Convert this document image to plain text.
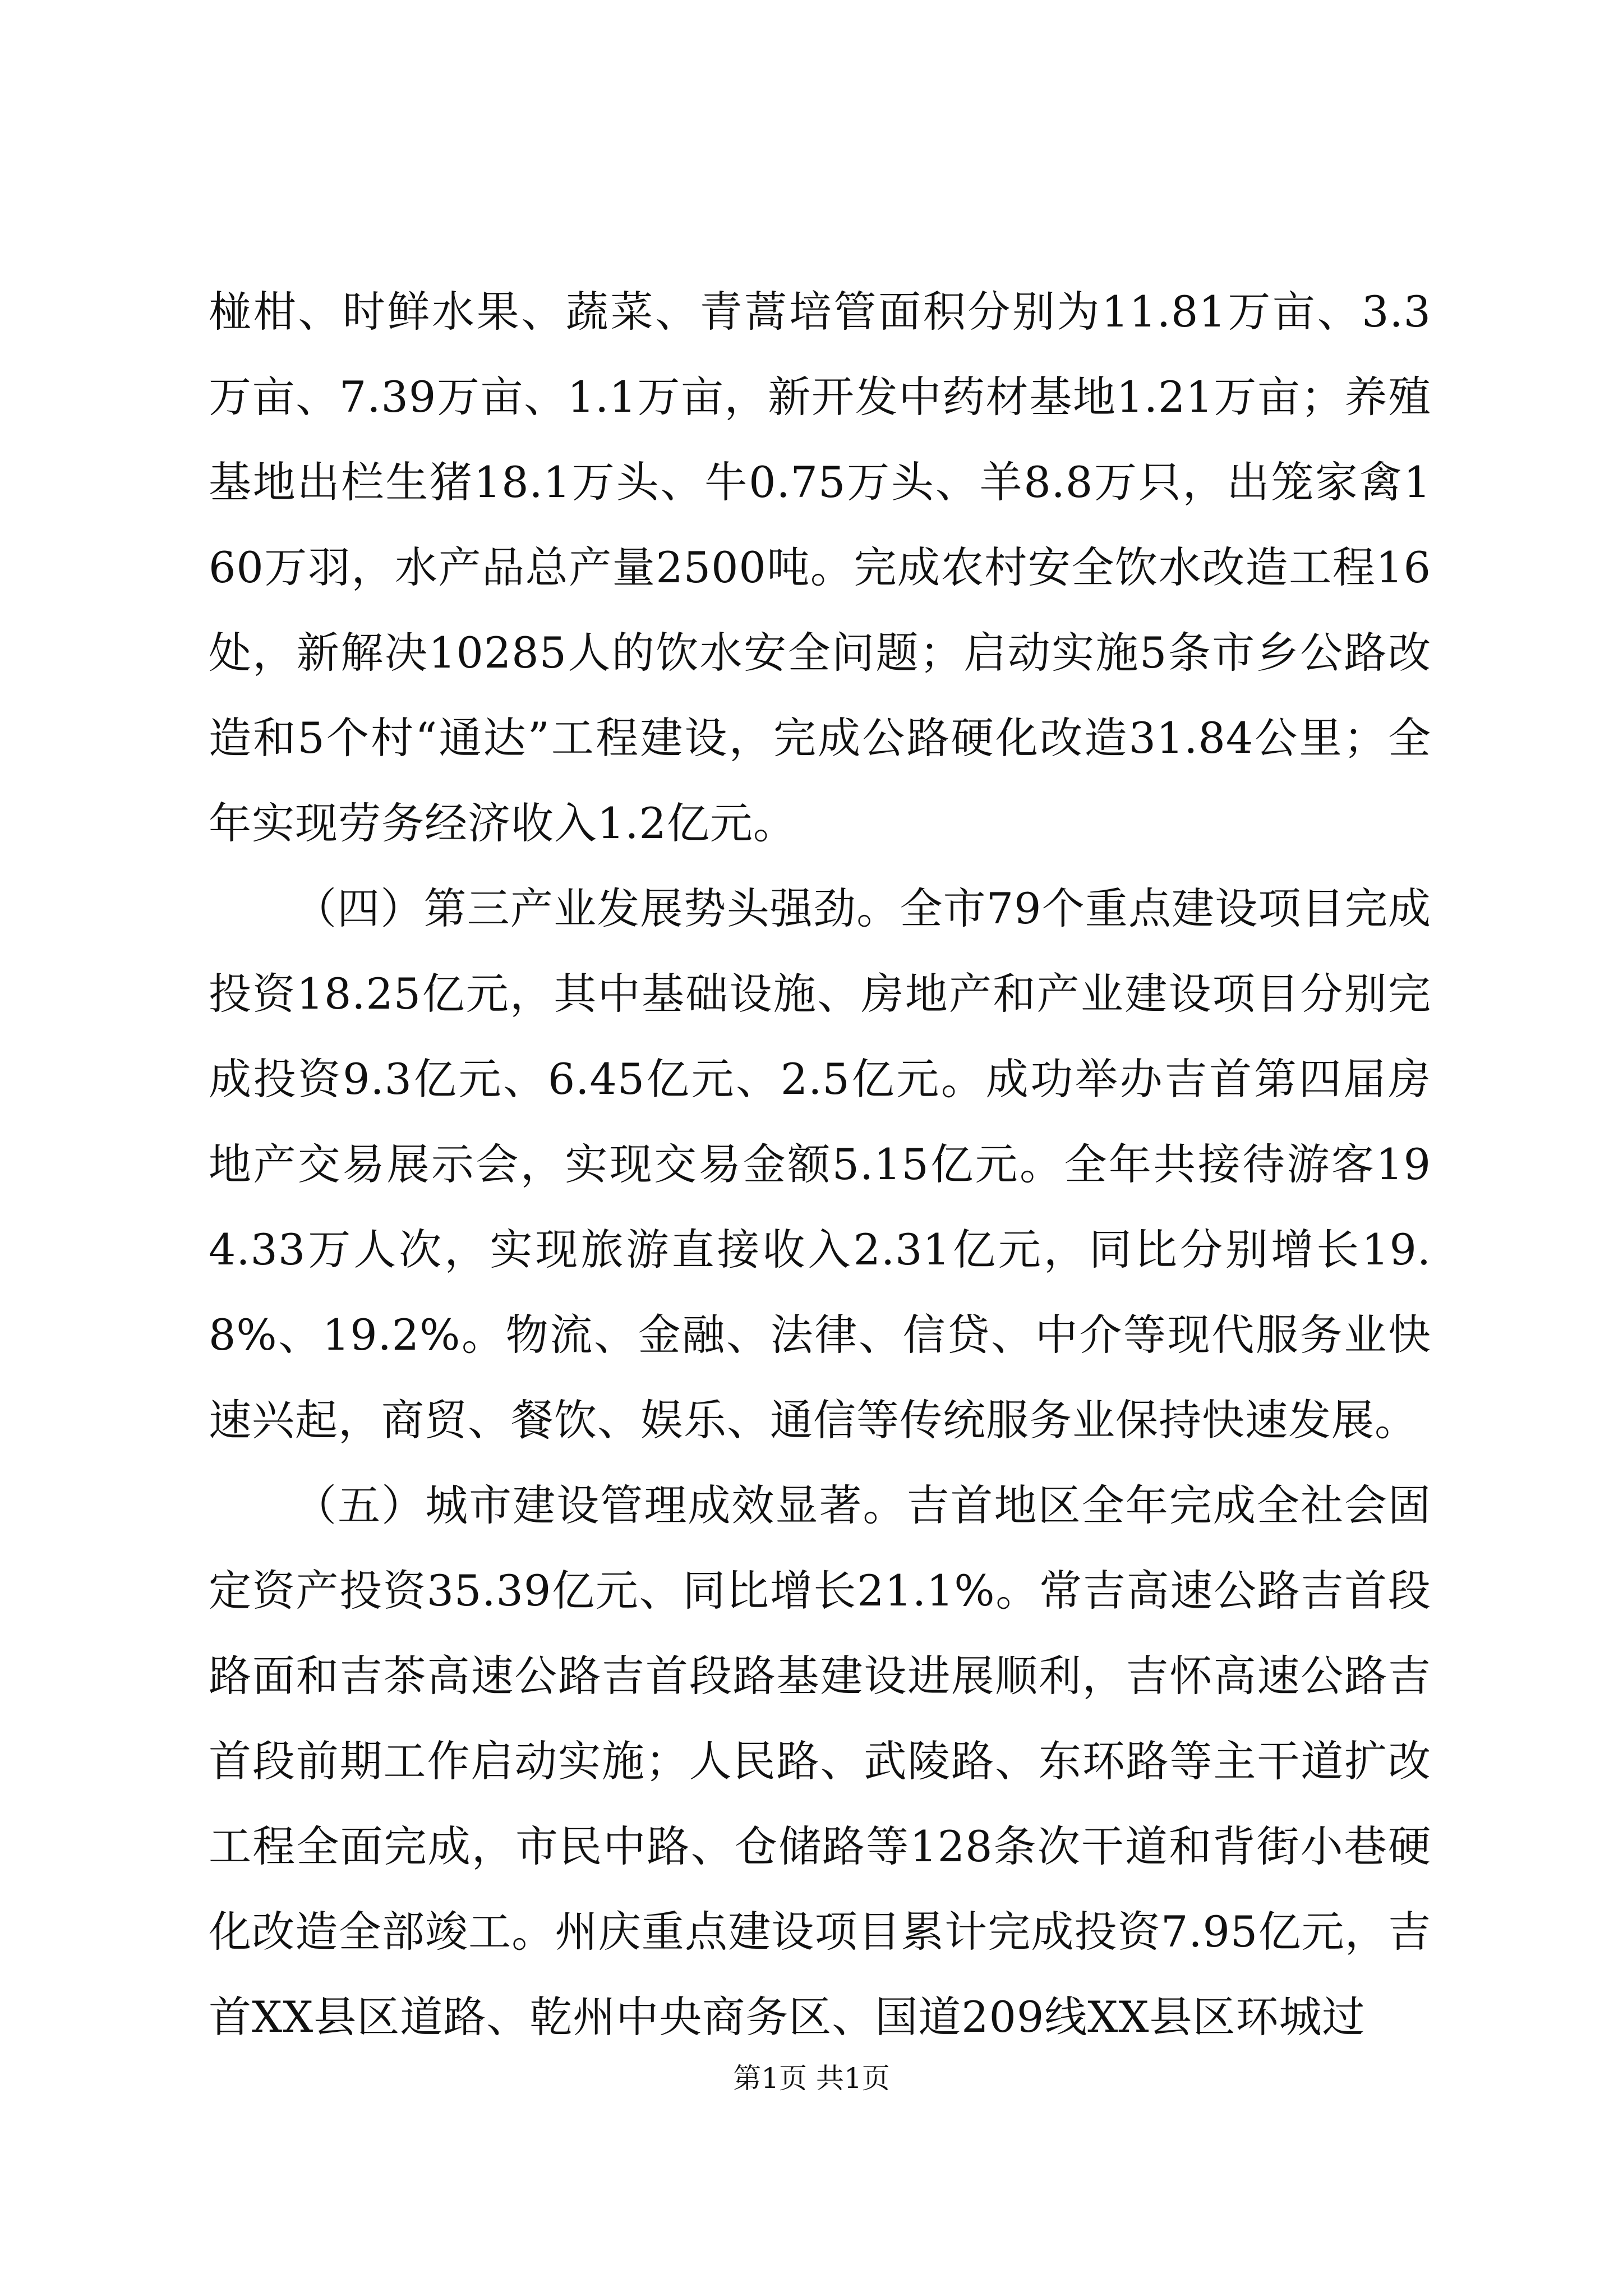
椪柑、时鲜水果、蔬菜、青蒿培管面积分别为11.81万亩、3.3万亩、7.39万亩、1.1万亩，新开发中药材基地1.21万亩；养殖基地出栏生猪18.1万头、牛0.75万头、羊8.8万只，出笼家禽160万羽，水产品总产量2500吨。完成农村安全饮水改造工程16处，新解决10285人的饮水安全问题；启动实施5条市乡公路改造和5个村“通达”工程建设，完成公路硬化改造31.84公里；全年实现劳务经济收入1.2亿元。

（四）第三产业发展势头强劲。全市79个重点建设项目完成投资18.25亿元，其中基础设施、房地产和产业建设项目分别完成投资9.3亿元、6.45亿元、2.5亿元。成功举办吉首第四届房地产交易展示会，实现交易金额5.15亿元。全年共接待游客194.33万人次，实现旅游直接收入2.31亿元，同比分别增长19.8%、19.2%。物流、金融、法律、信贷、中介等现代服务业快速兴起，商贸、餐饮、娱乐、通信等传统服务业保持快速发展。

（五）城市建设管理成效显著。吉首地区全年完成全社会固定资产投资35.39亿元、同比增长21.1%。常吉高速公路吉首段路面和吉茶高速公路吉首段路基建设进展顺利，吉怀高速公路吉首段前期工作启动实施；人民路、武陵路、东环路等主干道扩改工程全面完成，市民中路、仓储路等128条次干道和背街小巷硬化改造全部竣工。州庆重点建设项目累计完成投资7.95亿元，吉首XX县区道路、乾州中央商务区、国道209线XX县区环城过

第1页 共1页
